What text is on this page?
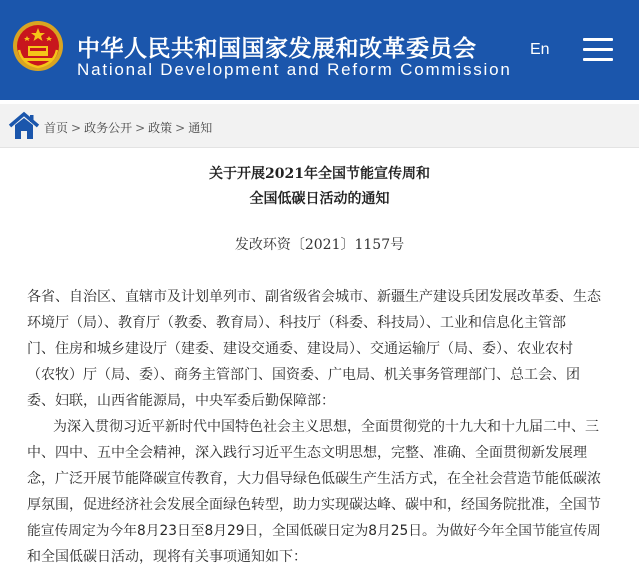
中华人民共和国国家发展和改革委员会
National Development and Reform Commission
En
首页 > 政务公开 > 政策 > 通知
关于开展2021年全国节能宣传周和
全国低碳日活动的通知
发改环资〔2021〕1157号
各省、自治区、直辖市及计划单列市、副省级省会城市、新疆生产建设兵团发展改革委、生态
环境厅（局）、教育厅（教委、教育局）、科技厅（科委、科技局）、工业和信息化主管部
门、住房和城乡建设厅（建委、建设交通委、建设局）、交通运输厅（局、委）、农业农村
（农牧）厅（局、委）、商务主管部门、国资委、广电局、机关事务管理部门、总工会、团
委、妇联，山西省能源局，中央军委后勤保障部：
为深入贯彻习近平新时代中国特色社会主义思想，全面贯彻党的十九大和十九届二中、三
中、四中、五中全会精神，深入践行习近平生态文明思想，完整、准确、全面贯彻新发展理
念，广泛开展节能降碳宣传教育，大力倡导绿色低碳生产生活方式，在全社会营造节能低碳浓
厚氛围，促进经济社会发展全面绿色转型，助力实现碳达峰、碳中和，经国务院批准，全国节
能宣传周定为今年8月23日至8月29日，全国低碳日定为8月25日。为做好今年全国节能宣传周
和全国低碳日活动，现将有关事项通知如下：
